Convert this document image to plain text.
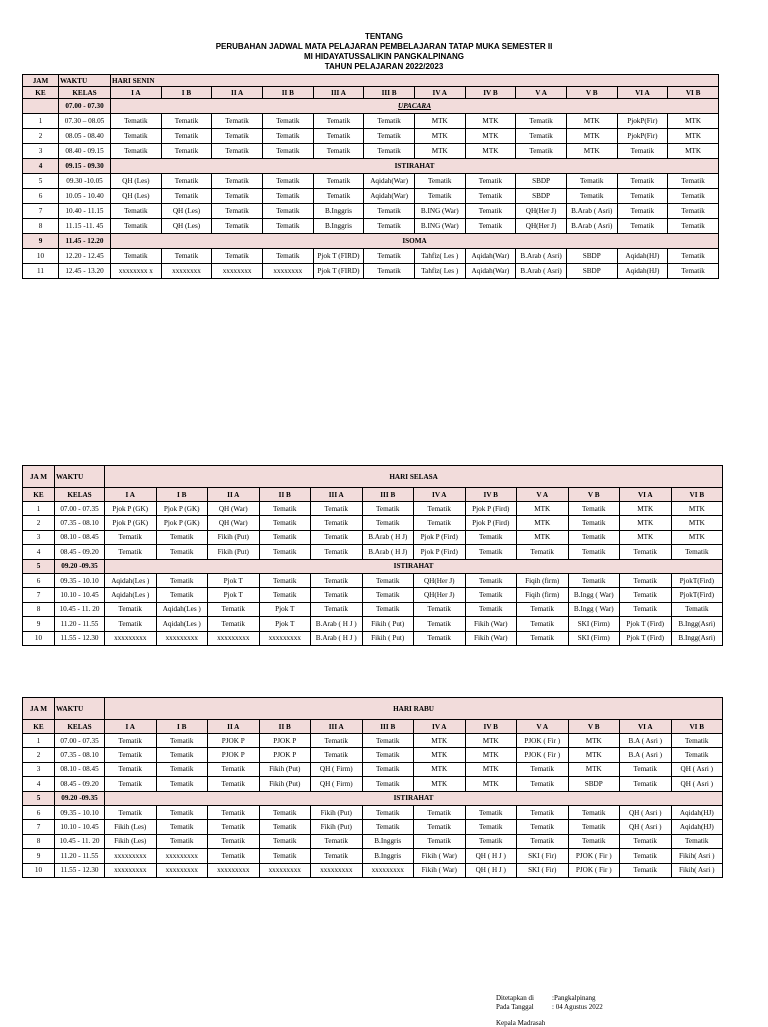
TENTANG
PERUBAHAN JADWAL MATA PELAJARAN PEMBELAJARAN TATAP MUKA SEMESTER II
MI HIDAYATUSSALIKIN PANGKALPINANG
TAHUN PELAJARAN 2022/2023
JAM	WAKTU	HARI SENIN											
KE	KELAS	I A	I B	II A	II B	III A	III B	IV A	IV B	V A	V B	VI A	VI B
	07.00 - 07.30	UPACARA											
1	07.30 – 08.05	Tematik	Tematik	Tematik	Tematik	Tematik	Tematik	MTK	MTK	Tematik	MTK	PjokP(Fir)	MTK
2	08.05 - 08.40	Tematik	Tematik	Tematik	Tematik	Tematik	Tematik	MTK	MTK	Tematik	MTK	PjokP(Fir)	MTK
3	08.40 - 09.15	Tematik	Tematik	Tematik	Tematik	Tematik	Tematik	MTK	MTK	Tematik	MTK	Tematik	MTK
4	09.15 - 09.30	ISTIRAHAT											
5	09.30 -10.05	QH (Les)	Tematik	Tematik	Tematik	Tematik	Aqidah(War)	Tematik	Tematik	SBDP	Tematik	Tematik	Tematik
6	10.05 - 10.40	QH (Les)	Tematik	Tematik	Tematik	Tematik	Aqidah(War)	Tematik	Tematik	SBDP	Tematik	Tematik	Tematik
7	10.40 - 11.15	Tematik	QH (Les)	Tematik	Tematik	B.Inggris	Tematik	B.ING (War)	Tematik	QH(Her J)	B.Arab ( Asri)	Tematik	Tematik
8	11.15 -11. 45	Tematik	QH (Les)	Tematik	Tematik	B.Inggris	Tematik	B.ING (War)	Tematik	QH(Her J)	B.Arab ( Asri)	Tematik	Tematik
9	11.45 - 12.20	ISOMA											
10	12.20 - 12.45	Tematik	Tematik	Tematik	Tematik	Pjok T (FIRD)	Tematik	Tahfiz( Les )	Aqidah(War)	B.Arab ( Asri)	SBDP	Aqidah(HJ)	Tematik
11	12.45 - 13.20	xxxxxxxx x	xxxxxxxx	xxxxxxxx	xxxxxxxx	Pjok T (FIRD)	Tematik	Tahfiz( Les )	Aqidah(War)	B.Arab ( Asri)	SBDP	Aqidah(HJ)	Tematik
JA M	WAKTU	HARI SELASA											
KE	KELAS	I A	I B	II A	II B	III A	III B	IV A	IV B	V A	V B	VI A	VI B
1	07.00 - 07.35	Pjok P (GK)	Pjok P (GK)	QH (War)	Tematik	Tematik	Tematik	Tematik	Pjok P (Fird)	MTK	Tematik	MTK	MTK
2	07.35 - 08.10	Pjok P (GK)	Pjok P (GK)	QH (War)	Tematik	Tematik	Tematik	Tematik	Pjok P (Fird)	MTK	Tematik	MTK	MTK
3	08.10 - 08.45	Tematik	Tematik	Fikih (Put)	Tematik	Tematik	B.Arab ( H J)	Pjok P (Fird)	Tematik	MTK	Tematik	MTK	MTK
4	08.45 - 09.20	Tematik	Tematik	Fikih (Put)	Tematik	Tematik	B.Arab ( H J)	Pjok P (Fird)	Tematik	Tematik	Tematik	Tematik	Tematik
5	09.20 -09.35	ISTIRAHAT											
6	09.35 - 10.10	Aqidah(Les )	Tematik	Pjok T	Tematik	Tematik	Tematik	QH(Her J)	Tematik	Fiqih (firm)	Tematik	Tematik	PjokT(Fird)
7	10.10 - 10.45	Aqidah(Les )	Tematik	Pjok T	Tematik	Tematik	Tematik	QH(Her J)	Tematik	Fiqih (firm)	B.Ingg ( War)	Tematik	PjokT(Fird)
8	10.45 - 11. 20	Tematik	Aqidah(Les )	Tematik	Pjok T	Tematik	Tematik	Tematik	Tematik	Tematik	B.Ingg ( War)	Tematik	Tematik
9	11.20 - 11.55	Tematik	Aqidah(Les )	Tematik	Pjok T	B.Arab ( H J )	Fikih ( Put)	Tematik	Fikih (War)	Tematik	SKI (Firm)	Pjok T (Fird)	B.Ingg(Asri)
10	11.55 - 12.30	xxxxxxxxx	xxxxxxxxx	xxxxxxxxx	xxxxxxxxx	B.Arab ( H J )	Fikih ( Put)	Tematik	Fikih (War)	Tematik	SKI (Firm)	Pjok T (Fird)	B.Ingg(Asri)
JA M	WAKTU	HARI RABU											
KE	KELAS	I A	I B	II A	II B	III A	III B	IV A	IV B	V A	V B	VI A	VI B
1	07.00 - 07.35	Tematik	Tematik	PJOK P	PJOK P	Tematik	Tematik	MTK	MTK	PJOK ( Fir )	MTK	B.A ( Asri )	Tematik
2	07.35 - 08.10	Tematik	Tematik	PJOK P	PJOK P	Tematik	Tematik	MTK	MTK	PJOK ( Fir )	MTK	B.A ( Asri )	Tematik
3	08.10 - 08.45	Tematik	Tematik	Tematik	Fikih (Put)	QH ( Firm)	Tematik	MTK	MTK	Tematik	MTK	Tematik	QH ( Asri )
4	08.45 - 09.20	Tematik	Tematik	Tematik	Fikih (Put)	QH ( Firm)	Tematik	MTK	MTK	Tematik	SBDP	Tematik	QH ( Asri )
5	09.20 -09.35	ISTIRAHAT											
6	09.35 - 10.10	Tematik	Tematik	Tematik	Tematik	Fikih (Put)	Tematik	Tematik	Tematik	Tematik	Tematik	QH ( Asri )	Aqidah(HJ)
7	10.10 - 10.45	Fikih (Les)	Tematik	Tematik	Tematik	Fikih (Put)	Tematik	Tematik	Tematik	Tematik	Tematik	QH ( Asri )	Aqidah(HJ)
8	10.45 - 11. 20	Fikih (Les)	Tematik	Tematik	Tematik	Tematik	B.Inggris	Tematik	Tematik	Tematik	Tematik	Tematik	Tematik
9	11.20 - 11.55	xxxxxxxxx	xxxxxxxxx	Tematik	Tematik	Tematik	B.Inggris	Fikih ( War)	QH ( H J )	SKI ( Fir)	PJOK ( Fir )	Tematik	Fikih( Asri )
10	11.55 - 12.30	xxxxxxxxx	xxxxxxxxx	xxxxxxxxx	xxxxxxxxx	xxxxxxxxx	xxxxxxxxx	Fikih ( War)	QH ( H J )	SKI ( Fir)	PJOK ( Fir )	Tematik	Fikih( Asri )
Ditetapkan di	:Pangkalpinang
Pada Tanggal	: 04 Agustus 2022
Kepala Madrasah
